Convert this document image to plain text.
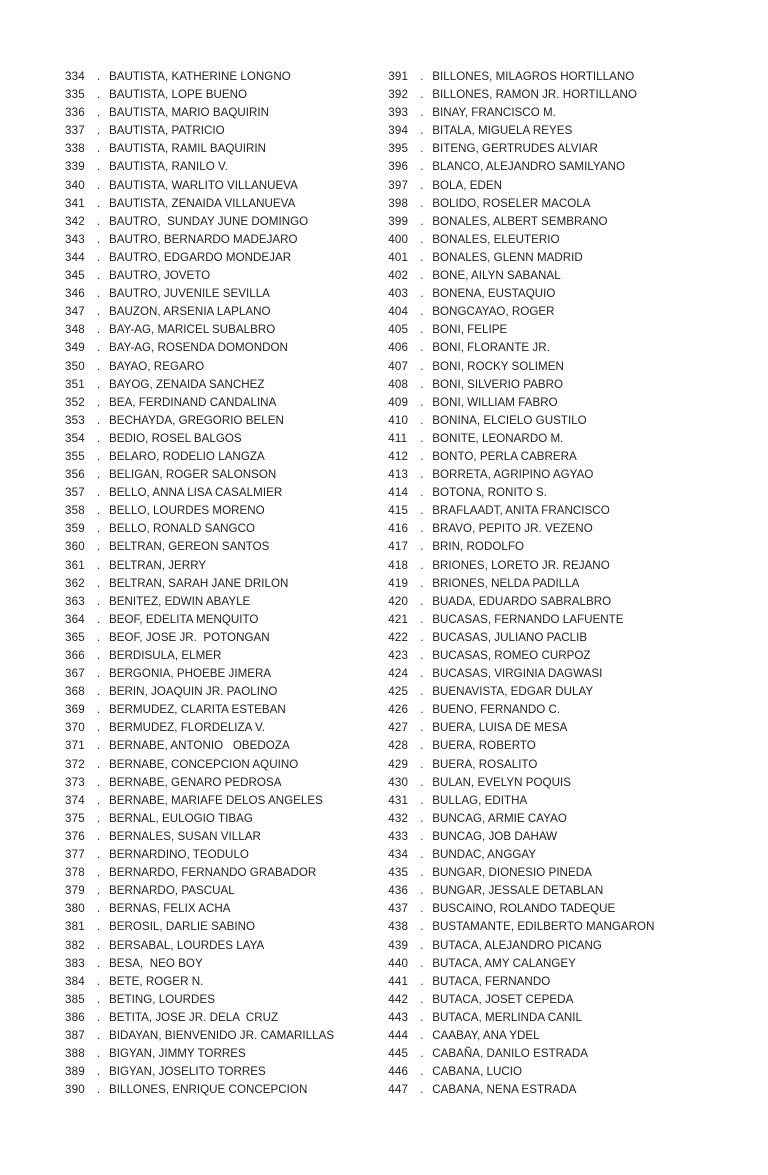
334	. BAUTISTA, KATHERINE LONGNO
335	. BAUTISTA, LOPE BUENO
336	. BAUTISTA, MARIO BAQUIRIN
337	. BAUTISTA, PATRICIO
338	. BAUTISTA, RAMIL BAQUIRIN
339	. BAUTISTA, RANILO V.
340	. BAUTISTA, WARLITO VILLANUEVA
341	. BAUTISTA, ZENAIDA VILLANUEVA
342	. BAUTRO,  SUNDAY JUNE DOMINGO
343	. BAUTRO, BERNARDO MADEJARO
344	. BAUTRO, EDGARDO MONDEJAR
345	. BAUTRO, JOVETO
346	. BAUTRO, JUVENILE SEVILLA
347	. BAUZON, ARSENIA LAPLANO
348	. BAY-AG, MARICEL SUBALBRO
349	. BAY-AG, ROSENDA DOMONDON
350	. BAYAO, REGARO
351	. BAYOG, ZENAIDA SANCHEZ
352	. BEA, FERDINAND CANDALINA
353	. BECHAYDA, GREGORIO BELEN
354	. BEDIO, ROSEL BALGOS
355	. BELARO, RODELIO LANGZA
356	. BELIGAN, ROGER SALONSON
357	. BELLO, ANNA LISA CASALMIER
358	. BELLO, LOURDES MORENO
359	. BELLO, RONALD SANGCO
360	. BELTRAN, GEREON SANTOS
361	. BELTRAN, JERRY
362	. BELTRAN, SARAH JANE DRILON
363	. BENITEZ, EDWIN ABAYLE
364	. BEOF, EDELITA MENQUITO
365	. BEOF, JOSE JR.  POTONGAN
366	. BERDISULA, ELMER
367	. BERGONIA, PHOEBE JIMERA
368	. BERIN, JOAQUIN JR. PAOLINO
369	. BERMUDEZ, CLARITA ESTEBAN
370	. BERMUDEZ, FLORDELIZA V.
371	. BERNABE, ANTONIO   OBEDOZA
372	. BERNABE, CONCEPCION AQUINO
373	. BERNABE, GENARO PEDROSA
374	. BERNABE, MARIAFE DELOS ANGELES
375	. BERNAL, EULOGIO TIBAG
376	. BERNALES, SUSAN VILLAR
377	. BERNARDINO, TEODULO
378	. BERNARDO, FERNANDO GRABADOR
379	. BERNARDO, PASCUAL
380	. BERNAS, FELIX ACHA
381	. BEROSIL, DARLIE SABINO
382	. BERSABAL, LOURDES LAYA
383	. BESA,  NEO BOY
384	. BETE, ROGER N.
385	. BETING, LOURDES
386	. BETITA, JOSE JR. DELA  CRUZ
387	. BIDAYAN, BIENVENIDO JR. CAMARILLAS
388	. BIGYAN, JIMMY TORRES
389	. BIGYAN, JOSELITO TORRES
390	. BILLONES, ENRIQUE CONCEPCION
391	. BILLONES, MILAGROS HORTILLANO
392	. BILLONES, RAMON JR. HORTILLANO
393	. BINAY, FRANCISCO M.
394	. BITALA, MIGUELA REYES
395	. BITENG, GERTRUDES ALVIAR
396	. BLANCO, ALEJANDRO SAMILYANO
397	. BOLA, EDEN
398	. BOLIDO, ROSELER MACOLA
399	. BONALES, ALBERT SEMBRANO
400	. BONALES, ELEUTERIO
401	. BONALES, GLENN MADRID
402	. BONE, AILYN SABANAL
403	. BONENA, EUSTAQUIO
404	. BONGCAYAO, ROGER
405	. BONI, FELIPE
406	. BONI, FLORANTE JR.
407	. BONI, ROCKY SOLIMEN
408	. BONI, SILVERIO PABRO
409	. BONI, WILLIAM FABRO
410	. BONINA, ELCIELO GUSTILO
411	. BONITE, LEONARDO M.
412	. BONTO, PERLA CABRERA
413	. BORRETA, AGRIPINO AGYAO
414	. BOTONA, RONITO S.
415	. BRAFLAADT, ANITA FRANCISCO
416	. BRAVO, PEPITO JR. VEZENO
417	. BRIN, RODOLFO
418	. BRIONES, LORETO JR. REJANO
419	. BRIONES, NELDA PADILLA
420	. BUADA, EDUARDO SABRALBRO
421	. BUCASAS, FERNANDO LAFUENTE
422	. BUCASAS, JULIANO PACLIB
423	. BUCASAS, ROMEO CURPOZ
424	. BUCASAS, VIRGINIA DAGWASI
425	. BUENAVISTA, EDGAR DULAY
426	. BUENO, FERNANDO C.
427	. BUERA, LUISA DE MESA
428	. BUERA, ROBERTO
429	. BUERA, ROSALITO
430	. BULAN, EVELYN POQUIS
431	. BULLAG, EDITHA
432	. BUNCAG, ARMIE CAYAO
433	. BUNCAG, JOB DAHAW
434	. BUNDAC, ANGGAY
435	. BUNGAR, DIONESIO PINEDA
436	. BUNGAR, JESSALE DETABLAN
437	. BUSCAINO, ROLANDO TADEQUE
438	. BUSTAMANTE, EDILBERTO MANGARON
439	. BUTACA, ALEJANDRO PICANG
440	. BUTACA, AMY CALANGEY
441	. BUTACA, FERNANDO
442	. BUTACA, JOSET CEPEDA
443	. BUTACA, MERLINDA CANIL
444	. CAABAY, ANA YDEL
445	. CABAÑA, DANILO ESTRADA
446	. CABANA, LUCIO
447	. CABANA, NENA ESTRADA
